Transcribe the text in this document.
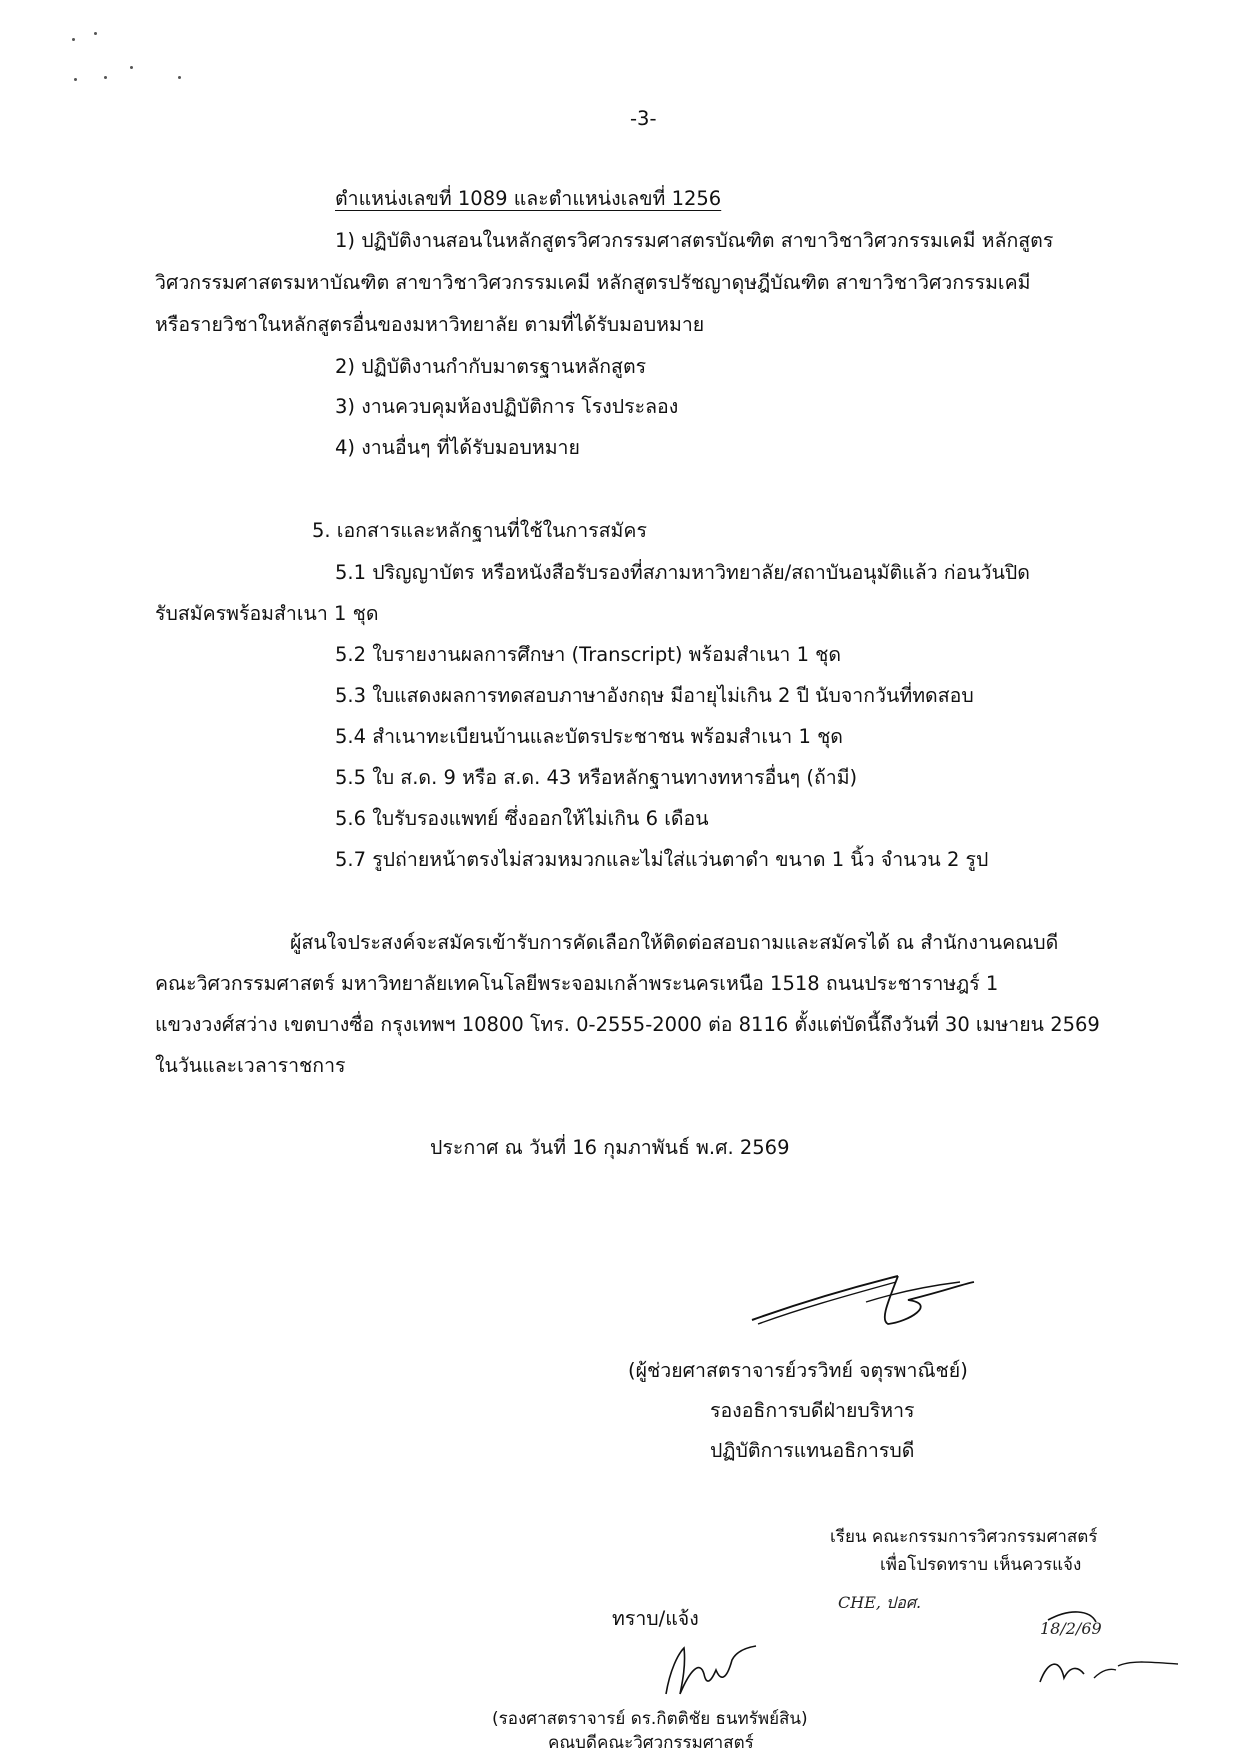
-3-
ตำแหน่งเลขที่ 1089 และตำแหน่งเลขที่ 1256
1) ปฏิบัติงานสอนในหลักสูตรวิศวกรรมศาสตรบัณฑิต สาขาวิชาวิศวกรรมเคมี หลักสูตร
วิศวกรรมศาสตรมหาบัณฑิต สาขาวิชาวิศวกรรมเคมี หลักสูตรปรัชญาดุษฎีบัณฑิต สาขาวิชาวิศวกรรมเคมี
หรือรายวิชาในหลักสูตรอื่นของมหาวิทยาลัย ตามที่ได้รับมอบหมาย
2) ปฏิบัติงานกำกับมาตรฐานหลักสูตร
3) งานควบคุมห้องปฏิบัติการ โรงประลอง
4) งานอื่นๆ ที่ได้รับมอบหมาย
5. เอกสารและหลักฐานที่ใช้ในการสมัคร
5.1 ปริญญาบัตร หรือหนังสือรับรองที่สภามหาวิทยาลัย/สถาบันอนุมัติแล้ว ก่อนวันปิด
รับสมัครพร้อมสำเนา 1 ชุด
5.2 ใบรายงานผลการศึกษา (Transcript) พร้อมสำเนา 1 ชุด
5.3 ใบแสดงผลการทดสอบภาษาอังกฤษ มีอายุไม่เกิน 2 ปี นับจากวันที่ทดสอบ
5.4 สำเนาทะเบียนบ้านและบัตรประชาชน พร้อมสำเนา 1 ชุด
5.5 ใบ ส.ด. 9 หรือ ส.ด. 43 หรือหลักฐานทางทหารอื่นๆ (ถ้ามี)
5.6 ใบรับรองแพทย์ ซึ่งออกให้ไม่เกิน 6 เดือน
5.7 รูปถ่ายหน้าตรงไม่สวมหมวกและไม่ใส่แว่นตาดำ ขนาด 1 นิ้ว จำนวน 2 รูป
ผู้สนใจประสงค์จะสมัครเข้ารับการคัดเลือกให้ติดต่อสอบถามและสมัครได้ ณ สำนักงานคณบดี
คณะวิศวกรรมศาสตร์ มหาวิทยาลัยเทคโนโลยีพระจอมเกล้าพระนครเหนือ 1518 ถนนประชาราษฎร์ 1
แขวงวงศ์สว่าง เขตบางซื่อ กรุงเทพฯ 10800 โทร. 0-2555-2000 ต่อ 8116 ตั้งแต่บัดนี้ถึงวันที่ 30 เมษายน 2569
ในวันและเวลาราชการ
ประกาศ ณ วันที่ 16 กุมภาพันธ์ พ.ศ. 2569
(ผู้ช่วยศาสตราจารย์วรวิทย์ จตุรพาณิชย์)
รองอธิการบดีฝ่ายบริหาร
ปฏิบัติการแทนอธิการบดี
เรียน คณะกรรมการวิศวกรรมศาสตร์
เพื่อโปรดทราบ เห็นควรแจ้ง
CHE, ปอศ.
18/2/69
ทราบ/แจ้ง
(รองศาสตราจารย์ ดร.กิตติชัย ธนทรัพย์สิน)
คณบดีคณะวิศวกรรมศาสตร์
